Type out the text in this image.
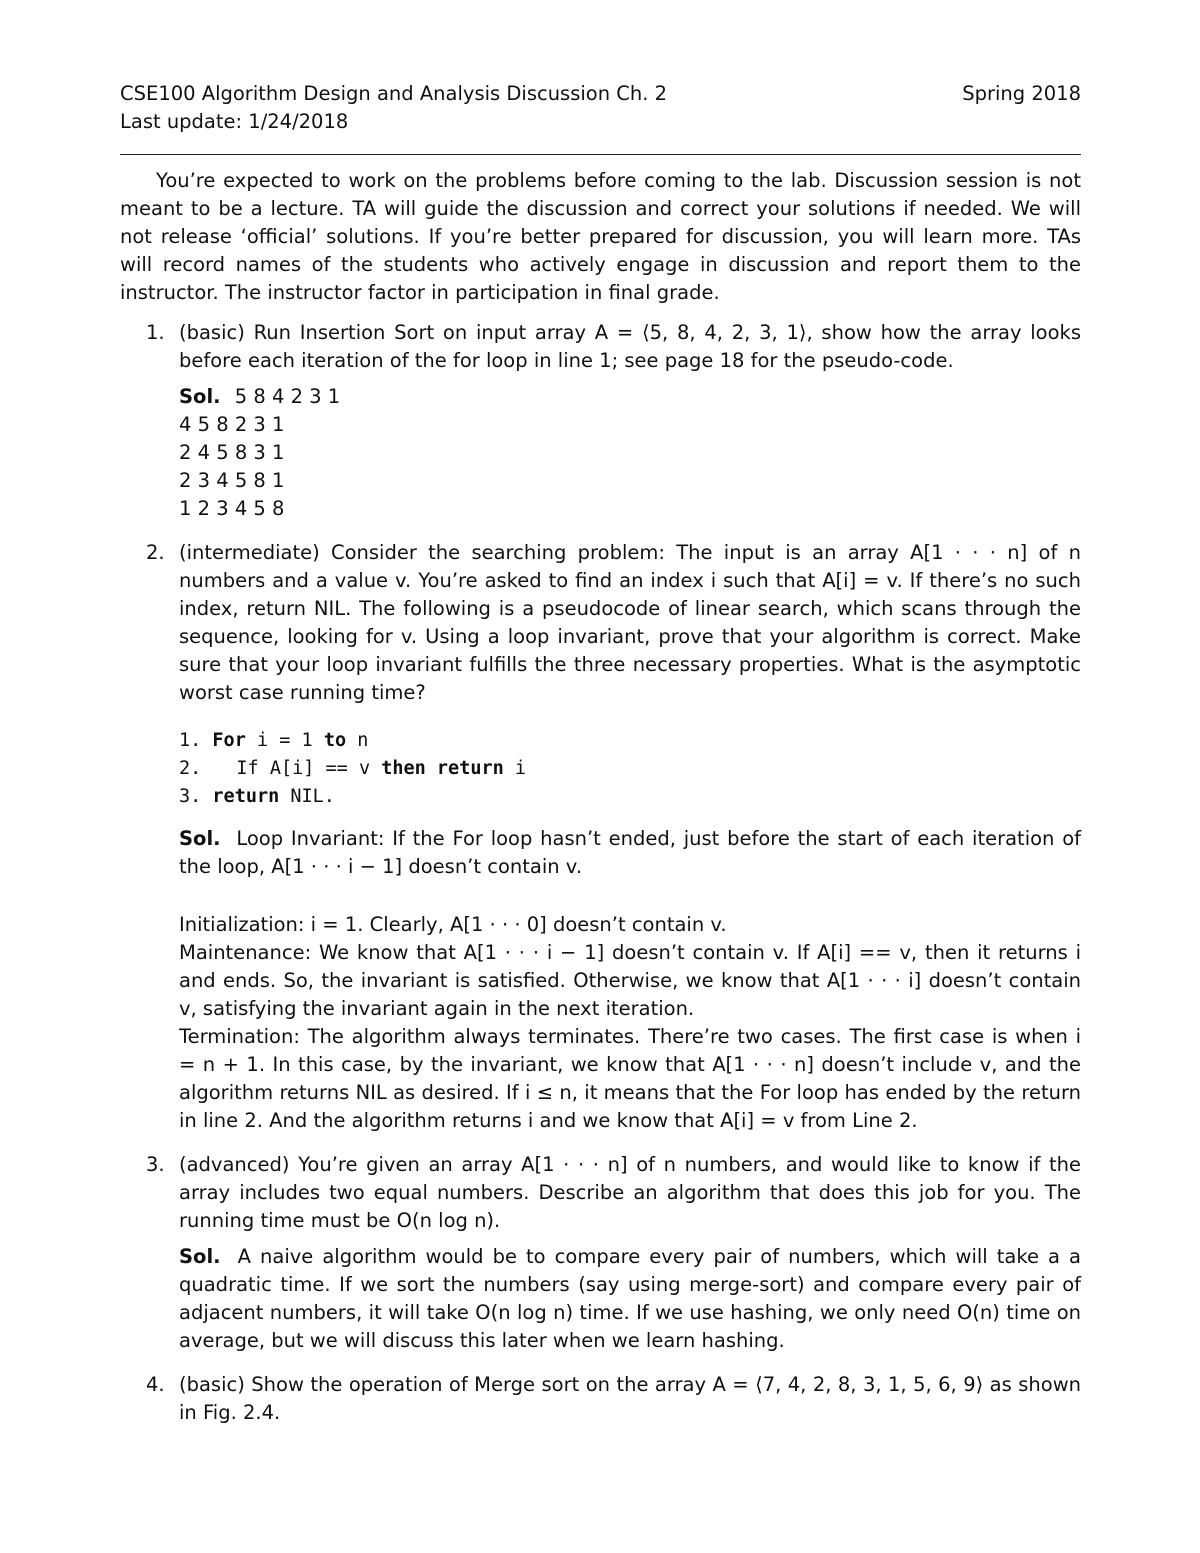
CSE100 Algorithm Design and Analysis Discussion Ch. 2	Spring 2018
Last update: 1/24/2018

You’re expected to work on the problems before coming to the lab. Discussion session is not meant to be a lecture. TA will guide the discussion and correct your solutions if needed. We will not release ‘official’ solutions. If you’re better prepared for discussion, you will learn more. TAs will record names of the students who actively engage in discussion and report them to the instructor. The instructor factor in participation in final grade.

1. (basic) Run Insertion Sort on input array A = ⟨5, 8, 4, 2, 3, 1⟩, show how the array looks before each iteration of the for loop in line 1; see page 18 for the pseudo-code.

Sol. 5 8 4 2 3 1
4 5 8 2 3 1
2 4 5 8 3 1
2 3 4 5 8 1
1 2 3 4 5 8
2. (intermediate) Consider the searching problem: The input is an array A[1 · · · n] of n numbers and a value v. You’re asked to find an index i such that A[i] = v. If there’s no such index, return NIL. The following is a pseudocode of linear search, which scans through the sequence, looking for v. Using a loop invariant, prove that your algorithm is correct. Make sure that your loop invariant fulfills the three necessary properties. What is the asymptotic worst case running time?

1. For i = 1 to n
2. If A[i] == v then return i
3. return NIL.

Sol. Loop Invariant: If the For loop hasn’t ended, just before the start of each iteration of the loop, A[1 · · · i − 1] doesn’t contain v.

Initialization: i = 1. Clearly, A[1 · · · 0] doesn’t contain v.

Maintenance: We know that A[1 · · · i − 1] doesn’t contain v. If A[i] == v, then it returns i and ends. So, the invariant is satisfied. Otherwise, we know that A[1 · · · i] doesn’t contain v, satisfying the invariant again in the next iteration.

Termination: The algorithm always terminates. There’re two cases. The first case is when i = n + 1. In this case, by the invariant, we know that A[1 · · · n] doesn’t include v, and the algorithm returns NIL as desired. If i ≤ n, it means that the For loop has ended by the return in line 2. And the algorithm returns i and we know that A[i] = v from Line 2.

3. (advanced) You’re given an array A[1 · · · n] of n numbers, and would like to know if the array includes two equal numbers. Describe an algorithm that does this job for you. The running time must be O(n log n).

Sol. A naive algorithm would be to compare every pair of numbers, which will take a a quadratic time. If we sort the numbers (say using merge-sort) and compare every pair of adjacent numbers, it will take O(n log n) time. If we use hashing, we only need O(n) time on average, but we will discuss this later when we learn hashing.

4. (basic) Show the operation of Merge sort on the array A = ⟨7, 4, 2, 8, 3, 1, 5, 6, 9⟩ as shown in Fig. 2.4.
